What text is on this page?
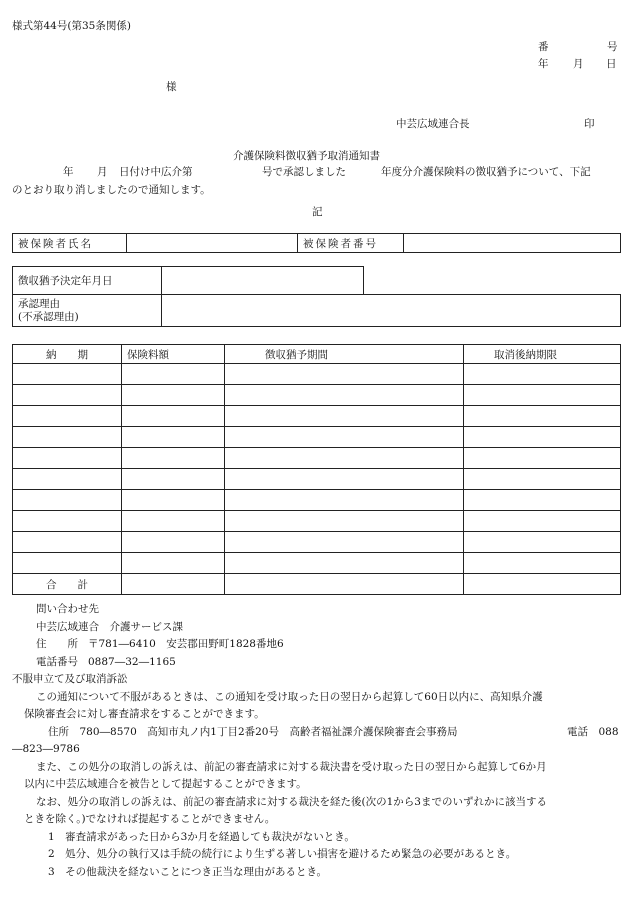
様式第44号(第35条関係)
番	号
年 月 日
様
中芸広域連合長	印
介護保険料徴収猶予取消通知書
年 月 日付け中広介第	号で承認しました	年度分介護保険料の徴収猶予について、下記
のとおり取り消しましたので通知します。
記
被保険者氏名		被保険者番号	
徴収猶予決定年月日		

承認理由
(不承認理由)		

納　　期	保険料額	徴収猶予期間	取消後納期限

合　　計			
問い合わせ先
中芸広域連合　介護サービス課
住　　所 〒781―6410　安芸郡田野町1828番地6
電話番号 0887―32―1165
不服申立て及び取消訴訟
この通知について不服があるときは、この通知を受け取った日の翌日から起算して60日以内に、高知県介護
保険審査会に対し審査請求をすることができます。
住所　780―8570　高知市丸ノ内1丁目2番20号　高齢者福祉課介護保険審査会事務局	電話　088
―823―9786
また、この処分の取消しの訴えは、前記の審査請求に対する裁決書を受け取った日の翌日から起算して6か月
以内に中芸広域連合を被告として提起することができます。
なお、処分の取消しの訴えは、前記の審査請求に対する裁決を経た後(次の1から3までのいずれかに該当する
ときを除く。)でなければ提起することができません。
1　審査請求があった日から3か月を経過しても裁決がないとき。
2　処分、処分の執行又は手続の続行により生ずる著しい損害を避けるため緊急の必要があるとき。
3　その他裁決を経ないことにつき正当な理由があるとき。
